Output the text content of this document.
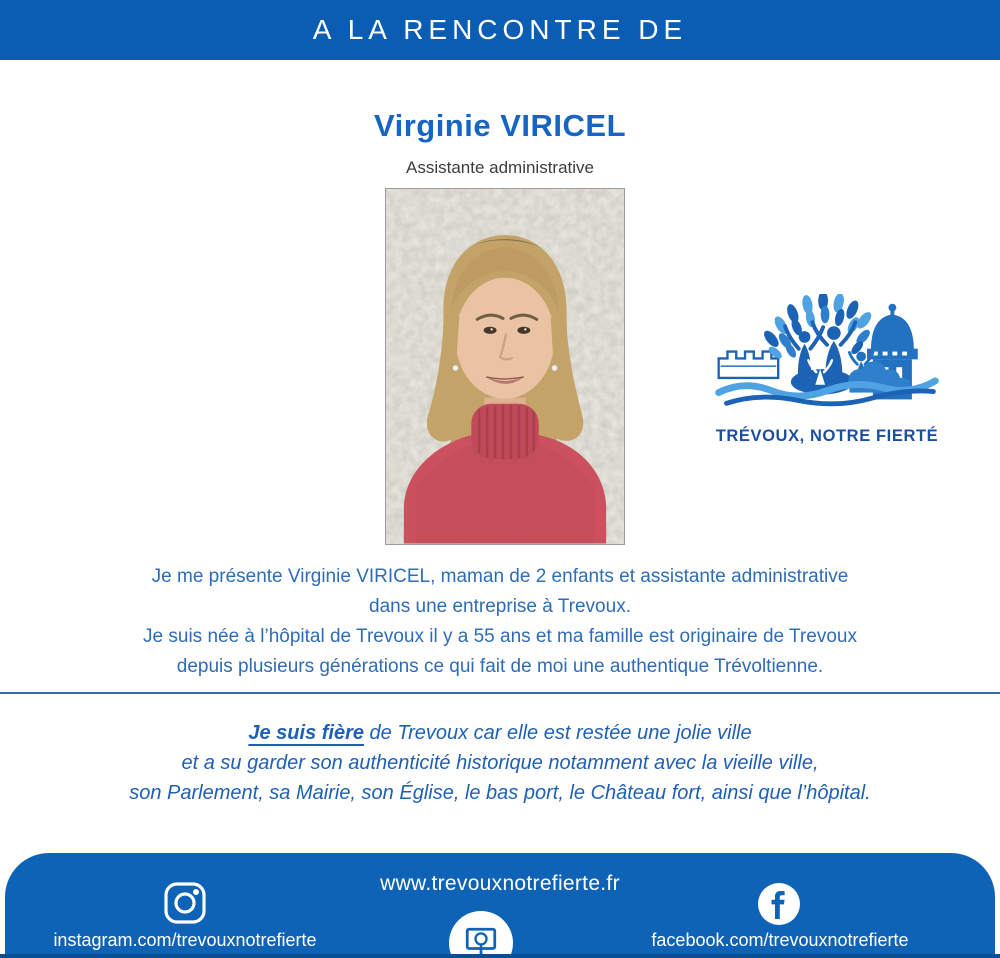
A LA RENCONTRE DE
Virginie VIRICEL
Assistante administrative
TRÉVOUX, NOTRE FIERTÉ
Je me présente Virginie VIRICEL, maman de 2 enfants et assistante administrative
dans une entreprise à Trevoux.
Je suis née à l’hôpital de Trevoux il y a 55 ans et ma famille est originaire de Trevoux
depuis plusieurs générations ce qui fait de moi une authentique Trévoltienne.
Je suis fière de Trevoux car elle est restée une jolie ville
et a su garder son authenticité historique notamment avec la vieille ville,
son Parlement, sa Mairie, son Église, le bas port, le Château fort, ainsi que l’hôpital.
www.trevouxnotrefierte.fr
instagram.com/trevouxnotrefierte	facebook.com/trevouxnotrefierte
